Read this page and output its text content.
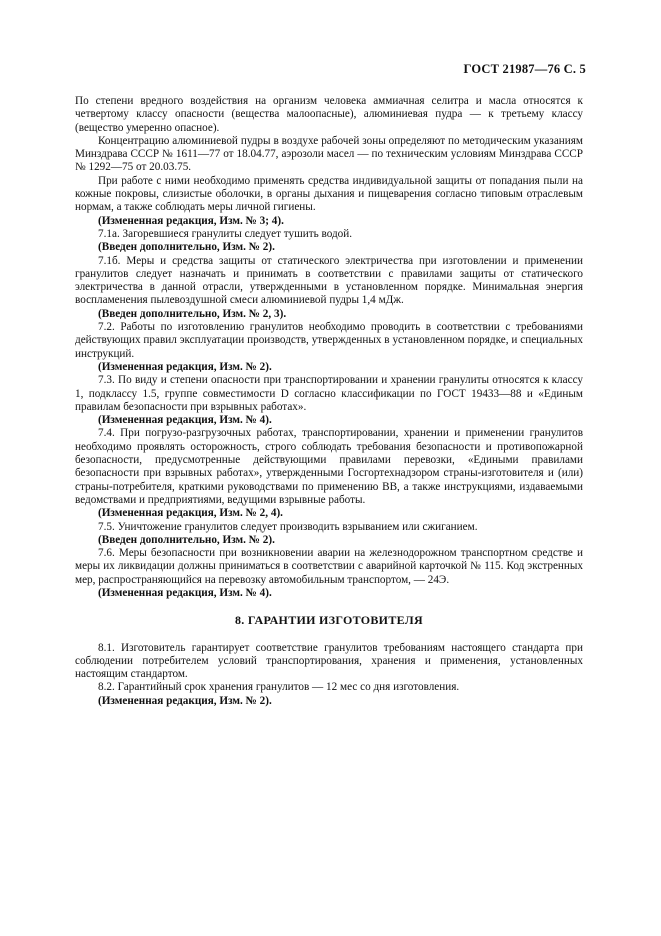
ГОСТ 21987—76 С. 5

По степени вредного воздействия на организм человека аммиачная селитра и масла относятся к четвертому классу опасности (вещества малоопасные), алюминиевая пудра — к третьему классу (вещество умеренно опасное).

Концентрацию алюминиевой пудры в воздухе рабочей зоны определяют по методическим указаниям Минздрава СССР № 1611—77 от 18.04.77, аэрозоли масел — по техническим условиям Минздрава СССР № 1292—75 от 20.03.75.

При работе с ними необходимо применять средства индивидуальной защиты от попадания пыли на кожные покровы, слизистые оболочки, в органы дыхания и пищеварения согласно типовым отраслевым нормам, а также соблюдать меры личной гигиены.

(Измененная редакция, Изм. № 3; 4).

7.1а. Загоревшиеся гранулиты следует тушить водой.

(Введен дополнительно, Изм. № 2).

7.1б. Меры и средства защиты от статического электричества при изготовлении и применении гранулитов следует назначать и принимать в соответствии с правилами защиты от статического электричества в данной отрасли, утвержденными в установленном порядке. Минимальная энергия воспламенения пылевоздушной смеси алюминиевой пудры 1,4 мДж.

(Введен дополнительно, Изм. № 2, 3).

7.2. Работы по изготовлению гранулитов необходимо проводить в соответствии с требованиями действующих правил эксплуатации производств, утвержденных в установленном порядке, и специальных инструкций.

(Измененная редакция, Изм. № 2).

7.3. По виду и степени опасности при транспортировании и хранении гранулиты относятся к классу 1, подклассу 1.5, группе совместимости D согласно классификации по ГОСТ 19433—88 и «Единым правилам безопасности при взрывных работах».

(Измененная редакция, Изм. № 4).

7.4. При погрузо-разгрузочных работах, транспортировании, хранении и применении гранулитов необходимо проявлять осторожность, строго соблюдать требования безопасности и противопожарной безопасности, предусмотренные действующими правилами перевозки, «Едиными правилами безопасности при взрывных работах», утвержденными Госгортехнадзором страны-изготовителя и (или) страны-потребителя, краткими руководствами по применению ВВ, а также инструкциями, издаваемыми ведомствами и предприятиями, ведущими взрывные работы.

(Измененная редакция, Изм. № 2, 4).

7.5. Уничтожение гранулитов следует производить взрыванием или сжиганием.

(Введен дополнительно, Изм. № 2).

7.6. Меры безопасности при возникновении аварии на железнодорожном транспортном средстве и меры их ликвидации должны приниматься в соответствии с аварийной карточкой № 115. Код экстренных мер, распространяющийся на перевозку автомобильным транспортом, — 24Э.

(Измененная редакция, Изм. № 4).

8. ГАРАНТИИ ИЗГОТОВИТЕЛЯ

8.1. Изготовитель гарантирует соответствие гранулитов требованиям настоящего стандарта при соблюдении потребителем условий транспортирования, хранения и применения, установленных настоящим стандартом.

8.2. Гарантийный срок хранения гранулитов — 12 мес со дня изготовления.

(Измененная редакция, Изм. № 2).
